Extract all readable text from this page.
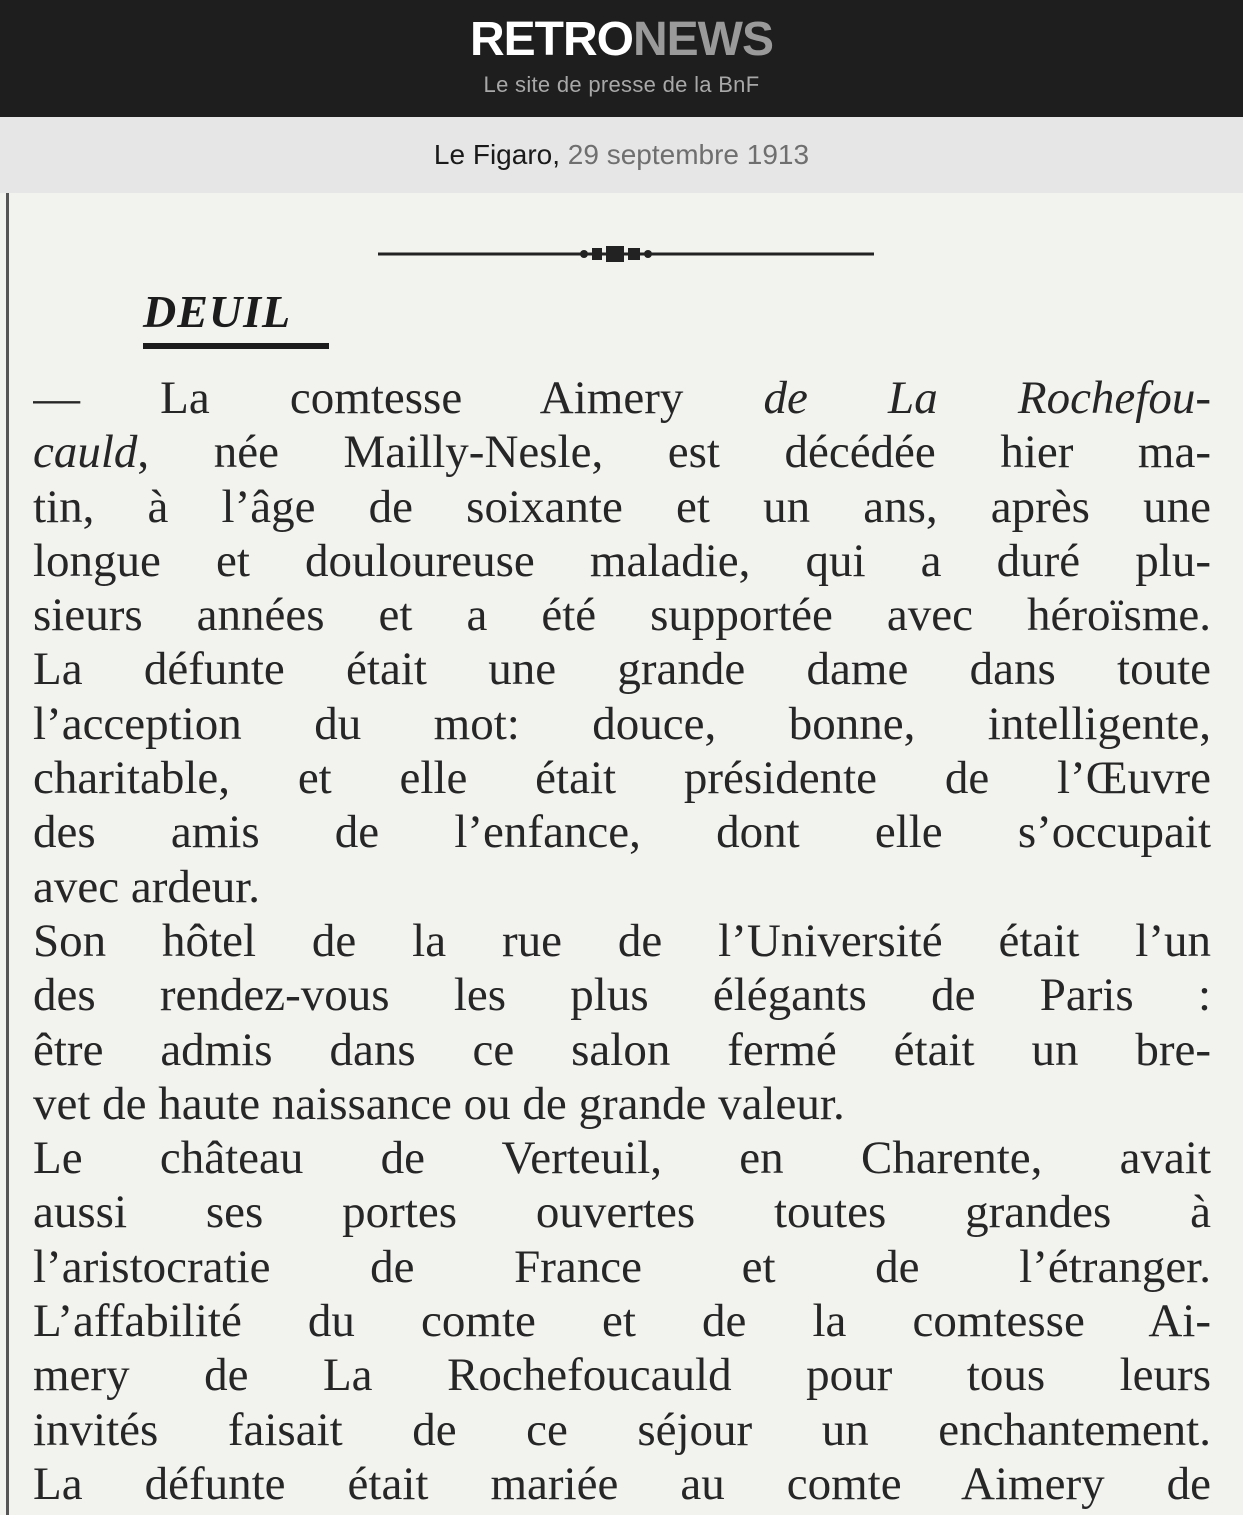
RETRONEWS
Le site de presse de la BnF
Le Figaro, 29 septembre 1913
DEUIL
— La comtesse Aimery de La Rochefou-
cauld, née Mailly-Nesle, est décédée hier ma-
tin, à l’âge de soixante et un ans, après une
longue et douloureuse maladie, qui a duré plu-
sieurs années et a été supportée avec héroïsme.
La défunte était une grande dame dans toute
l’acception du mot: douce, bonne, intelligente,
charitable, et elle était présidente de l’Œuvre
des amis de l’enfance, dont elle s’occupait
avec ardeur.
Son hôtel de la rue de l’Université était l’un
des rendez-vous les plus élégants de Paris :
être admis dans ce salon fermé était un bre-
vet de haute naissance ou de grande valeur.
Le château de Verteuil, en Charente, avait
aussi ses portes ouvertes toutes grandes à
l’aristocratie de France et de l’étranger.
L’affabilité du comte et de la comtesse Ai-
mery de La Rochefoucauld pour tous leurs
invités faisait de ce séjour un enchantement.
La défunte était mariée au comte Aimery de
